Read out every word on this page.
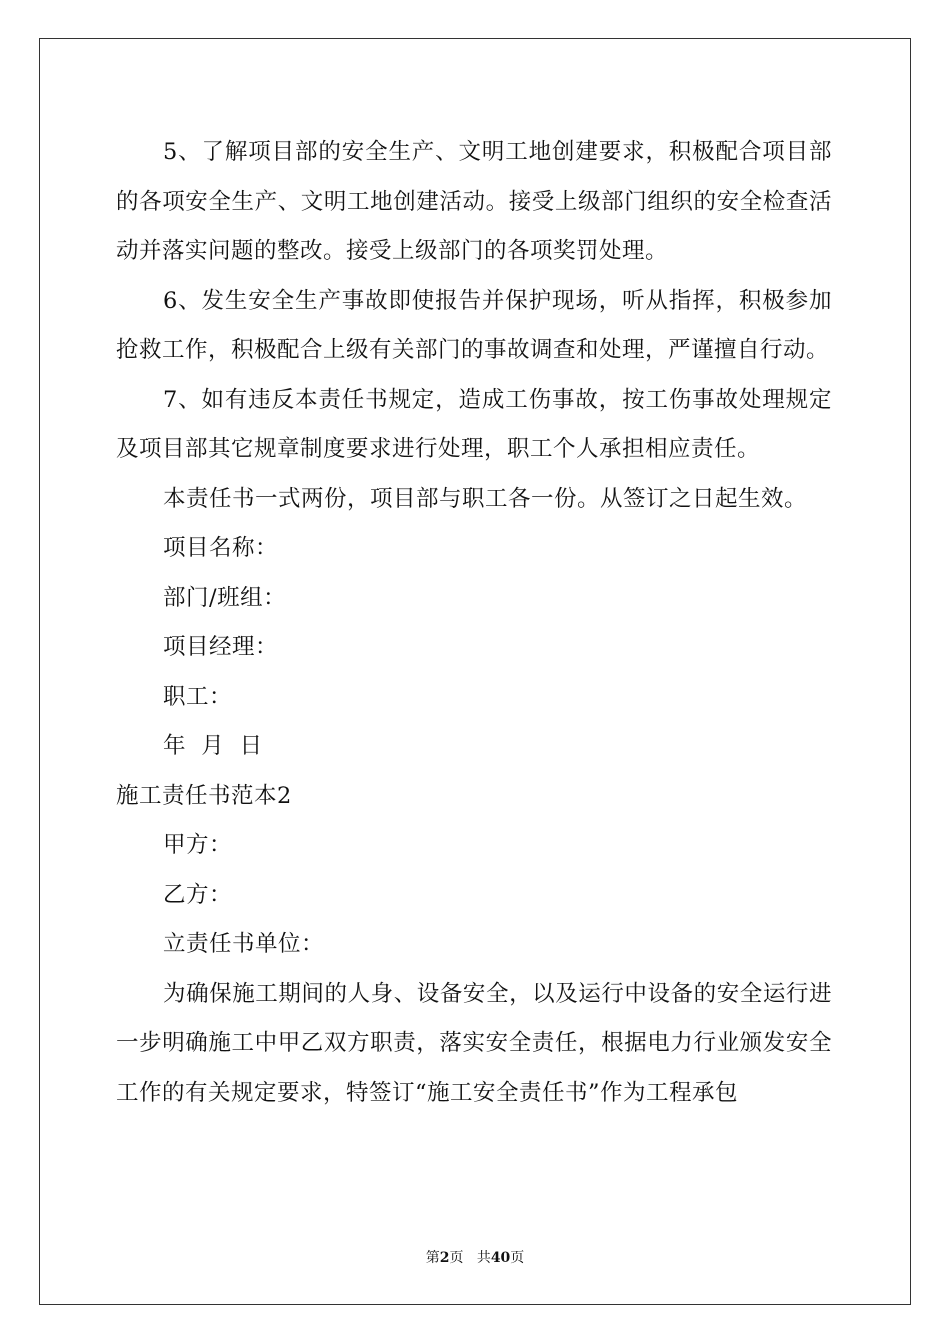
5、了解项目部的安全生产、文明工地创建要求，积极配合项目部的各项安全生产、文明工地创建活动。接受上级部门组织的安全检查活动并落实问题的整改。接受上级部门的各项奖罚处理。

6、发生安全生产事故即使报告并保护现场，听从指挥，积极参加抢救工作，积极配合上级有关部门的事故调查和处理，严谨擅自行动。

7、如有违反本责任书规定，造成工伤事故，按工伤事故处理规定及项目部其它规章制度要求进行处理，职工个人承担相应责任。

本责任书一式两份，项目部与职工各一份。从签订之日起生效。

项目名称：

部门/班组：

项目经理：

职工：

年  月  日

施工责任书范本2

甲方：

乙方：

立责任书单位：

为确保施工期间的人身、设备安全，以及运行中设备的安全运行进一步明确施工中甲乙双方职责，落实安全责任，根据电力行业颁发安全工作的有关规定要求，特签订“施工安全责任书”作为工程承包

第2页 共40页
